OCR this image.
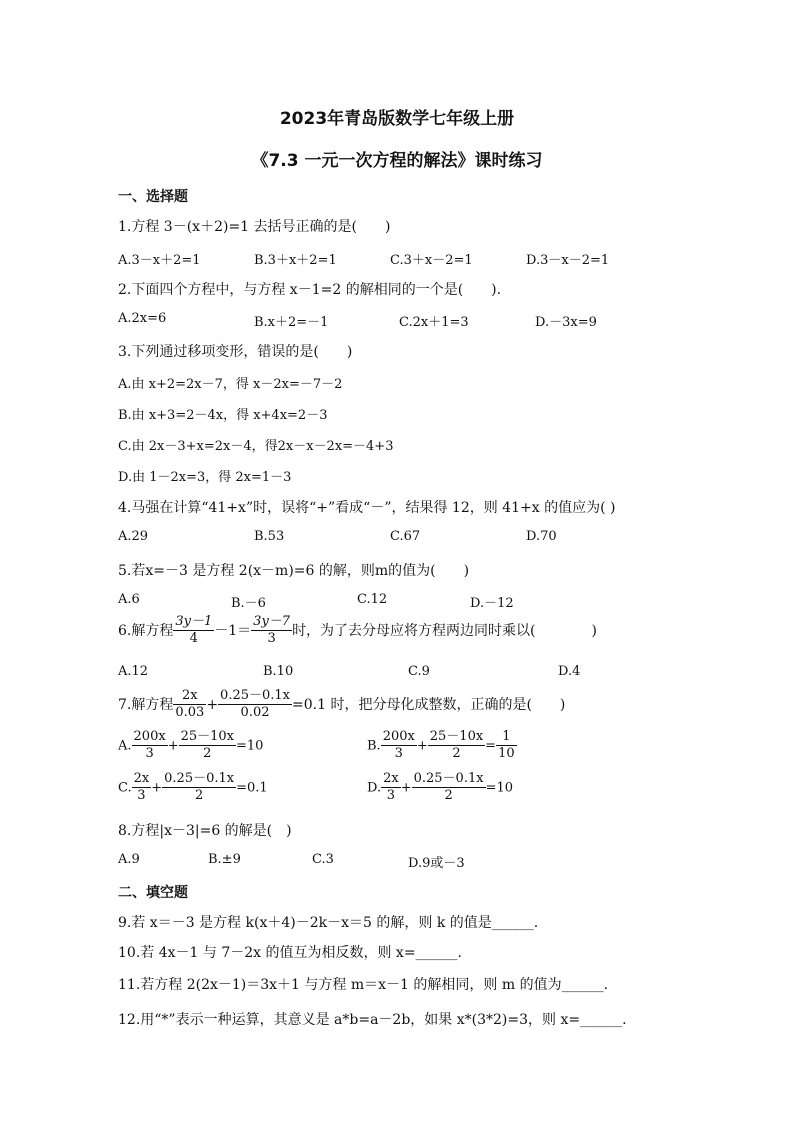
2023年青岛版数学七年级上册
《7.3 一元一次方程的解法》课时练习
一、选择题
1.方程 3－(x＋2)=1 去括号正确的是(　　)
A.3－x＋2=1	B.3＋x＋2=1	C.3＋x－2=1	D.3－x－2=1
2.下面四个方程中，与方程 x－1=2 的解相同的一个是(　　).
A.2x=6	B.x＋2=－1	C.2x＋1=3	D.－3x=9
3.下列通过移项变形，错误的是(　　)
A.由 x+2=2x－7，得 x－2x=－7－2
B.由 x+3=2－4x，得 x+4x=2－3
C.由 2x－3+x=2x－4，得2x－x－2x=－4+3
D.由 1－2x=3，得 2x=1－3
4.马强在计算“41+x”时，误将“+”看成“－”，结果得 12，则 41+x 的值应为( )
A.29	B.53	C.67	D.70
5.若x=－3 是方程 2(x－m)=6 的解，则m的值为(　　)
A.6	B.－6	C.12	D.－12
6.解方程 $\frac{3y-1}{4} -1= \frac{3y-7}{3}$ 时，为了去分母应将方程两边同时乘以(　　　　)
A.12	B.10	C.9	D.4
7.解方程 $\frac{2x}{0.03} + \frac{0.25-0.1x}{0.02} =0.1$ 时，把分母化成整数，正确的是(　　)
A. $\frac{200x}{3} + \frac{25-10x}{2} =10$	B. $\frac{200x}{3} + \frac{25-10x}{2} = \frac{1}{10}$
C. $\frac{2x}{3} + \frac{0.25-0.1x}{2} =0.1$	D. $\frac{2x}{3} + \frac{0.25-0.1x}{2} =10$
8.方程|x－3|=6 的解是(　)
A.9	B.±9	C.3	D.9或－3
二、填空题
9.若 x＝－3 是方程 k(x＋4)－2k－x＝5 的解，则 k 的值是______.
10.若 4x－1 与 7－2x 的值互为相反数，则 x=______.
11.若方程 2(2x－1)＝3x＋1 与方程 m＝x－1 的解相同，则 m 的值为______.
12.用“*”表示一种运算，其意义是 a*b=a－2b，如果 x*(3*2)=3，则 x=______.
